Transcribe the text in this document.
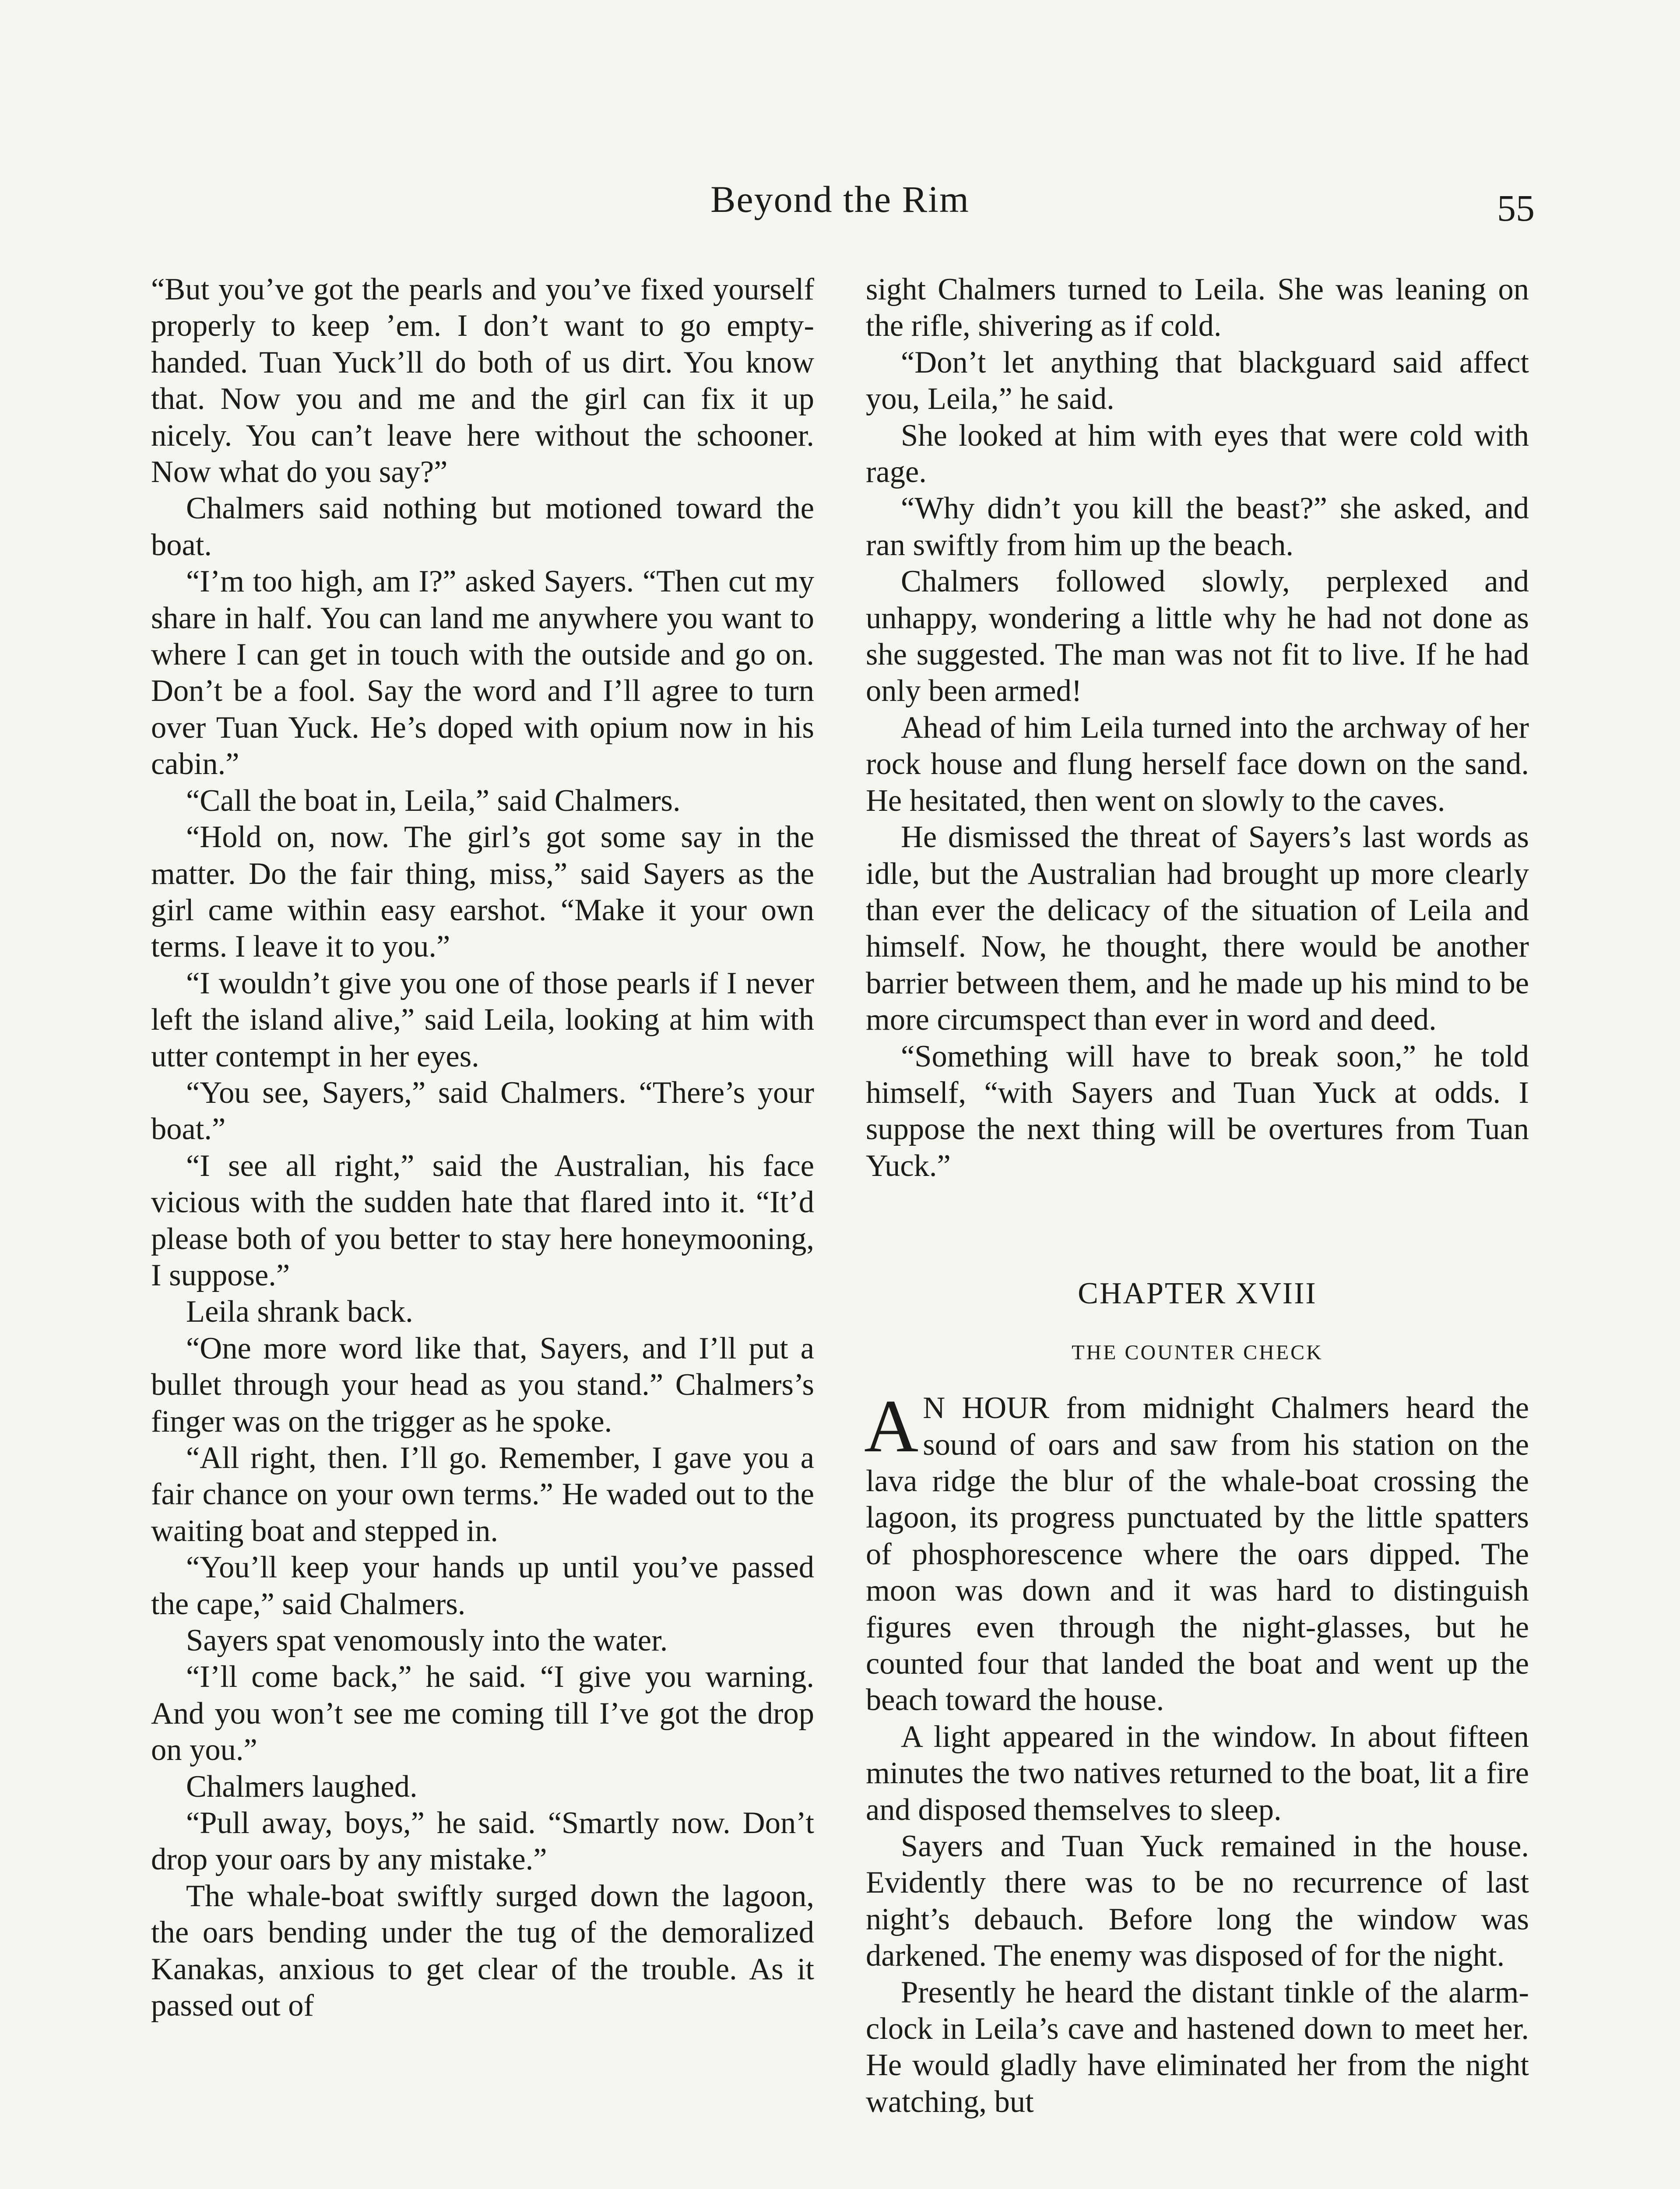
Beyond the Rim	55

“But you’ve got the pearls and you’ve fixed yourself properly to keep ’em. I don’t want to go empty-handed. Tuan Yuck’ll do both of us dirt. You know that. Now you and me and the girl can fix it up nicely. You can’t leave here without the schooner. Now what do you say?”

Chalmers said nothing but motioned toward the boat.

“I’m too high, am I?” asked Sayers. “Then cut my share in half. You can land me anywhere you want to where I can get in touch with the outside and go on. Don’t be a fool. Say the word and I’ll agree to turn over Tuan Yuck. He’s doped with opium now in his cabin.”

“Call the boat in, Leila,” said Chalmers.

“Hold on, now. The girl’s got some say in the matter. Do the fair thing, miss,” said Sayers as the girl came within easy earshot. “Make it your own terms. I leave it to you.”

“I wouldn’t give you one of those pearls if I never left the island alive,” said Leila, looking at him with utter contempt in her eyes.

“You see, Sayers,” said Chalmers. “There’s your boat.”

“I see all right,” said the Australian, his face vicious with the sudden hate that flared into it. “It’d please both of you better to stay here honeymooning, I suppose.”

Leila shrank back.

“One more word like that, Sayers, and I’ll put a bullet through your head as you stand.” Chalmers’s finger was on the trigger as he spoke.

“All right, then. I’ll go. Remember, I gave you a fair chance on your own terms.” He waded out to the waiting boat and stepped in.

“You’ll keep your hands up until you’ve passed the cape,” said Chalmers.

Sayers spat venomously into the water.

“I’ll come back,” he said. “I give you warning. And you won’t see me coming till I’ve got the drop on you.”

Chalmers laughed.

“Pull away, boys,” he said. “Smartly now. Don’t drop your oars by any mistake.”

The whale-boat swiftly surged down the lagoon, the oars bending under the tug of the demoralized Kanakas, anxious to get clear of the trouble. As it passed out of

sight Chalmers turned to Leila. She was leaning on the rifle, shivering as if cold.

“Don’t let anything that blackguard said affect you, Leila,” he said.

She looked at him with eyes that were cold with rage.

“Why didn’t you kill the beast?” she asked, and ran swiftly from him up the beach.

Chalmers followed slowly, perplexed and unhappy, wondering a little why he had not done as she suggested. The man was not fit to live. If he had only been armed!

Ahead of him Leila turned into the archway of her rock house and flung herself face down on the sand. He hesitated, then went on slowly to the caves.

He dismissed the threat of Sayers’s last words as idle, but the Australian had brought up more clearly than ever the delicacy of the situation of Leila and himself. Now, he thought, there would be another barrier between them, and he made up his mind to be more circumspect than ever in word and deed.

“Something will have to break soon,” he told himself, “with Sayers and Tuan Yuck at odds. I suppose the next thing will be overtures from Tuan Yuck.”

CHAPTER XVIII
THE COUNTER CHECK

A N HOUR from midnight Chalmers heard the sound of oars and saw from his station on the lava ridge the blur of the whale-boat crossing the lagoon, its progress punctuated by the little spatters of phosphorescence where the oars dipped. The moon was down and it was hard to distinguish figures even through the night-glasses, but he counted four that landed the boat and went up the beach toward the house.

A light appeared in the window. In about fifteen minutes the two natives returned to the boat, lit a fire and disposed themselves to sleep.

Sayers and Tuan Yuck remained in the house. Evidently there was to be no recurrence of last night’s debauch. Before long the window was darkened. The enemy was disposed of for the night.

Presently he heard the distant tinkle of the alarm-clock in Leila’s cave and hastened down to meet her. He would gladly have eliminated her from the night watching, but
